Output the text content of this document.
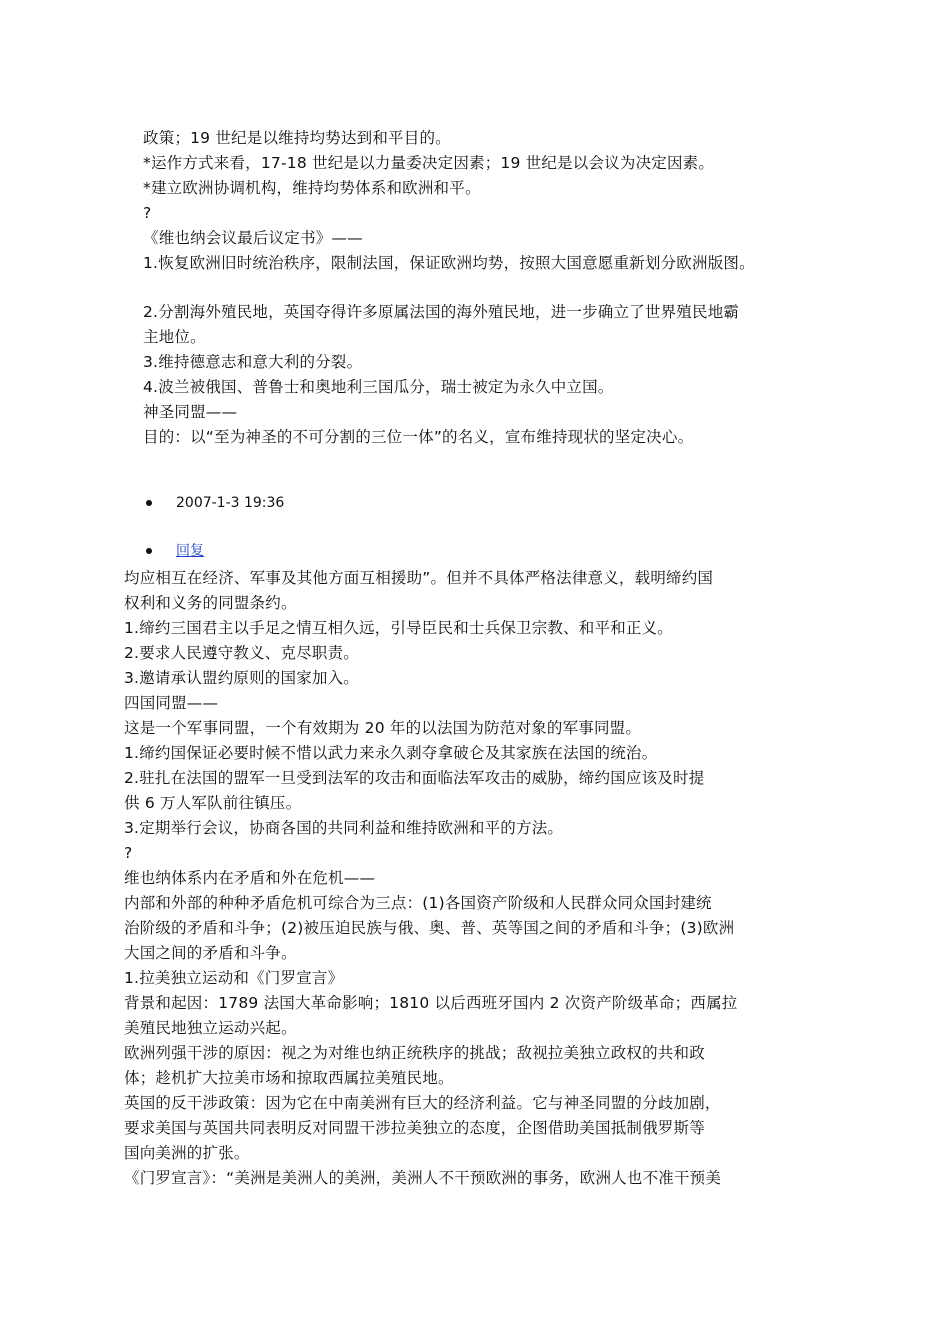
政策；19 世纪是以维持均势达到和平目的。
*运作方式来看，17-18 世纪是以力量委决定因素；19 世纪是以会议为决定因素。
*建立欧洲协调机构，维持均势体系和欧洲和平。
?
《维也纳会议最后议定书》——
1.恢复欧洲旧时统治秩序，限制法国，保证欧洲均势，按照大国意愿重新划分欧洲版图。
2.分割海外殖民地，英国夺得许多原属法国的海外殖民地，进一步确立了世界殖民地霸
主地位。
3.维持德意志和意大利的分裂。
4.波兰被俄国、普鲁士和奥地利三国瓜分，瑞士被定为永久中立国。
神圣同盟——
目的：以“至为神圣的不可分割的三位一体”的名义，宣布维持现状的坚定决心。
2007-1-3 19:36
回复
均应相互在经济、军事及其他方面互相援助”。但并不具体严格法律意义，载明缔约国
权利和义务的同盟条约。
1.缔约三国君主以手足之情互相久远，引导臣民和士兵保卫宗教、和平和正义。
2.要求人民遵守教义、克尽职责。
3.邀请承认盟约原则的国家加入。
四国同盟——
这是一个军事同盟，一个有效期为 20 年的以法国为防范对象的军事同盟。
1.缔约国保证必要时候不惜以武力来永久剥夺拿破仑及其家族在法国的统治。
2.驻扎在法国的盟军一旦受到法军的攻击和面临法军攻击的威胁，缔约国应该及时提
供 6 万人军队前往镇压。
3.定期举行会议，协商各国的共同利益和维持欧洲和平的方法。
?
维也纳体系内在矛盾和外在危机——
内部和外部的种种矛盾危机可综合为三点：(1)各国资产阶级和人民群众同众国封建统
治阶级的矛盾和斗争；(2)被压迫民族与俄、奥、普、英等国之间的矛盾和斗争；(3)欧洲
大国之间的矛盾和斗争。
1.拉美独立运动和《门罗宣言》
背景和起因：1789 法国大革命影响；1810 以后西班牙国内 2 次资产阶级革命；西属拉
美殖民地独立运动兴起。
欧洲列强干涉的原因：视之为对维也纳正统秩序的挑战；敌视拉美独立政权的共和政
体；趁机扩大拉美市场和掠取西属拉美殖民地。
英国的反干涉政策：因为它在中南美洲有巨大的经济利益。它与神圣同盟的分歧加剧，
要求美国与英国共同表明反对同盟干涉拉美独立的态度，企图借助美国抵制俄罗斯等
国向美洲的扩张。
《门罗宣言》：“美洲是美洲人的美洲，美洲人不干预欧洲的事务，欧洲人也不准干预美
